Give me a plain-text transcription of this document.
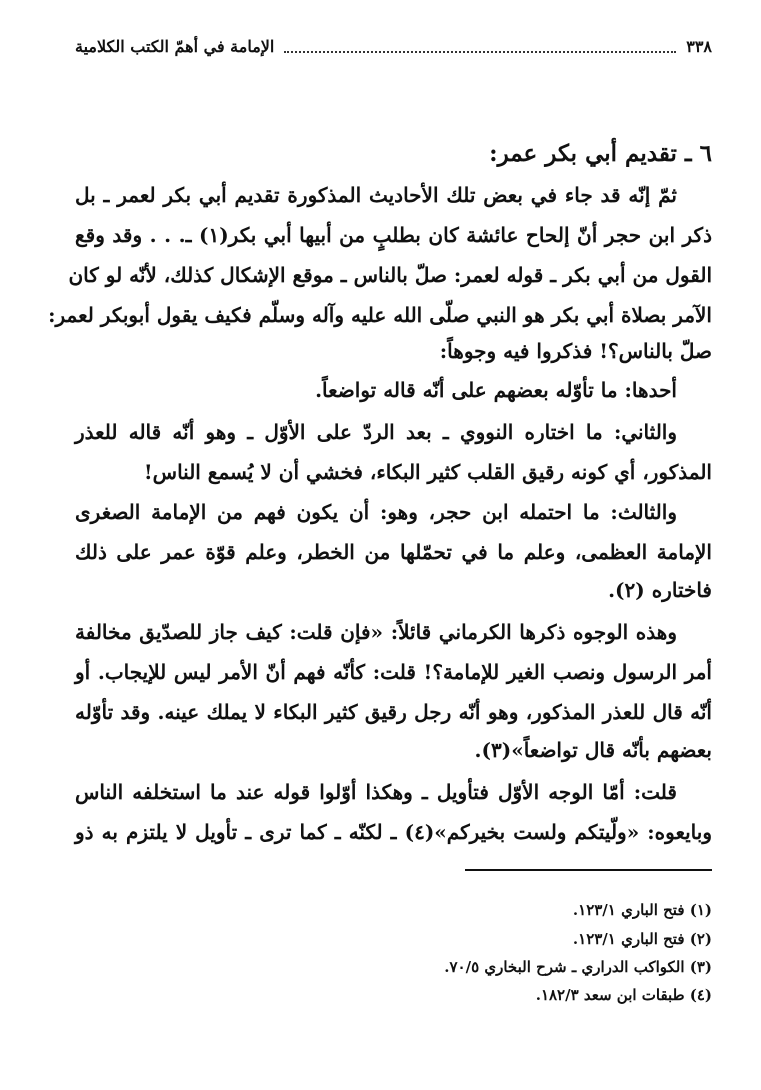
٣٣٨
الإمامة في أهمّ الكتب الكلامية
٦ ـ تقديم أبي بكر عمر:
ثمّ إنّه قد جاء في بعض تلك الأحاديث المذكورة تقديم أبي بكر لعمر ـ بل
ذكر ابن حجر أنّ إلحاح عائشة كان بطلبٍ من أبيها أبي بكر(١) ـ. . . وقد وقع
القول من أبي بكر ـ قوله لعمر: صلّ بالناس ـ موقع الإشكال كذلك، لأنّه لو كان
الآمر بصلاة أبي بكر هو النبي صلّى الله عليه وآله وسلّم فكيف يقول أبوبكر لعمر:
صلّ بالناس؟! فذكروا فيه وجوهاً:
أحدها: ما تأوّله بعضهم على أنّه قاله تواضعاً.
والثاني: ما اختاره النووي ـ بعد الردّ على الأوّل ـ وهو أنّه قاله للعذر
المذكور، أي كونه رقيق القلب كثير البكاء، فخشي أن لا يُسمع الناس!
والثالث: ما احتمله ابن حجر، وهو: أن يكون فهم من الإمامة الصغرى
الإمامة العظمى، وعلم ما في تحمّلها من الخطر، وعلم قوّة عمر على ذلك
فاختاره (٢).
وهذه الوجوه ذكرها الكرماني قائلاً: «فإن قلت: كيف جاز للصدّيق مخالفة
أمر الرسول ونصب الغير للإمامة؟! قلت: كأنّه فهم أنّ الأمر ليس للإيجاب. أو
أنّه قال للعذر المذكور، وهو أنّه رجل رقيق كثير البكاء لا يملك عينه. وقد تأوّله
بعضهم بأنّه قال تواضعاً»(٣).
قلت: أمّا الوجه الأوّل فتأويل ـ وهكذا أوّلوا قوله عند ما استخلفه الناس
وبايعوه: «ولّيتكم ولست بخيركم»(٤) ـ لكنّه ـ كما ترى ـ تأويل لا يلتزم به ذو
(١) فتح الباري ١٢٣/١.
(٢) فتح الباري ١٢٣/١.
(٣) الكواكب الدراري ـ شرح البخاري ٧٠/٥.
(٤) طبقات ابن سعد ١٨٢/٣.
